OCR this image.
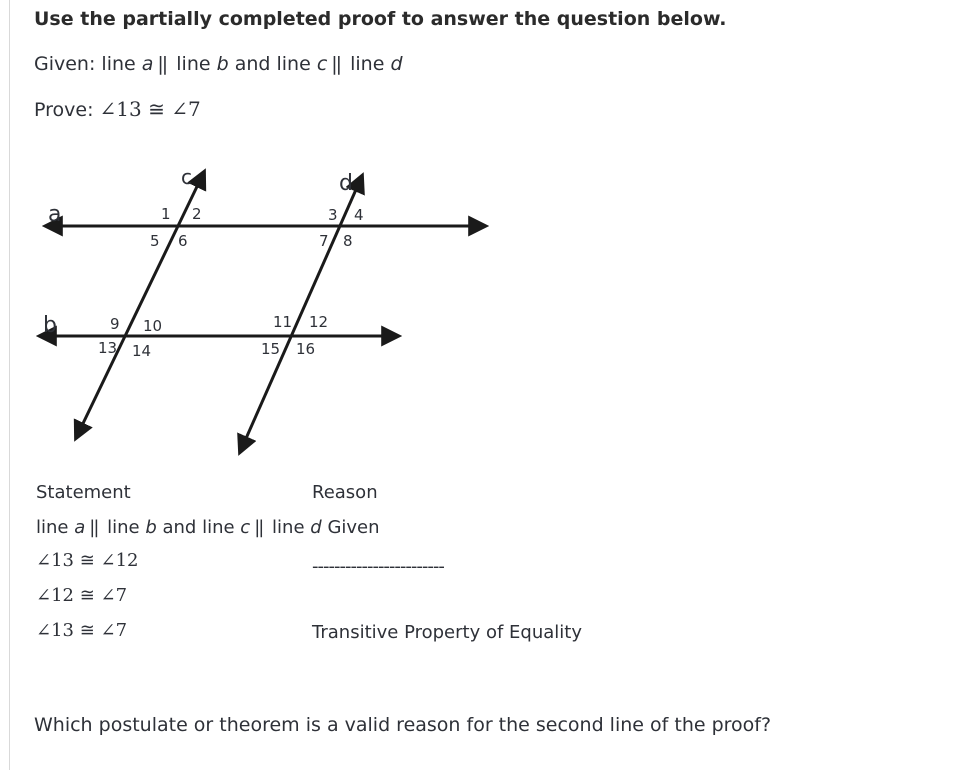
Use the partially completed proof to answer the question below.
Given: line a || line b and line c || line d
Prove: ∠13 ≅ ∠7
a
b
c	d
1 2
5 6
3 4
7 8
9 10
13 14
11 12
15 16
Statement	Reason
line a || line b and line c || line d Given
∠13 ≅ ∠12	------------------------
∠12 ≅ ∠7
∠13 ≅ ∠7	Transitive Property of Equality
Which postulate or theorem is a valid reason for the second line of the proof?
